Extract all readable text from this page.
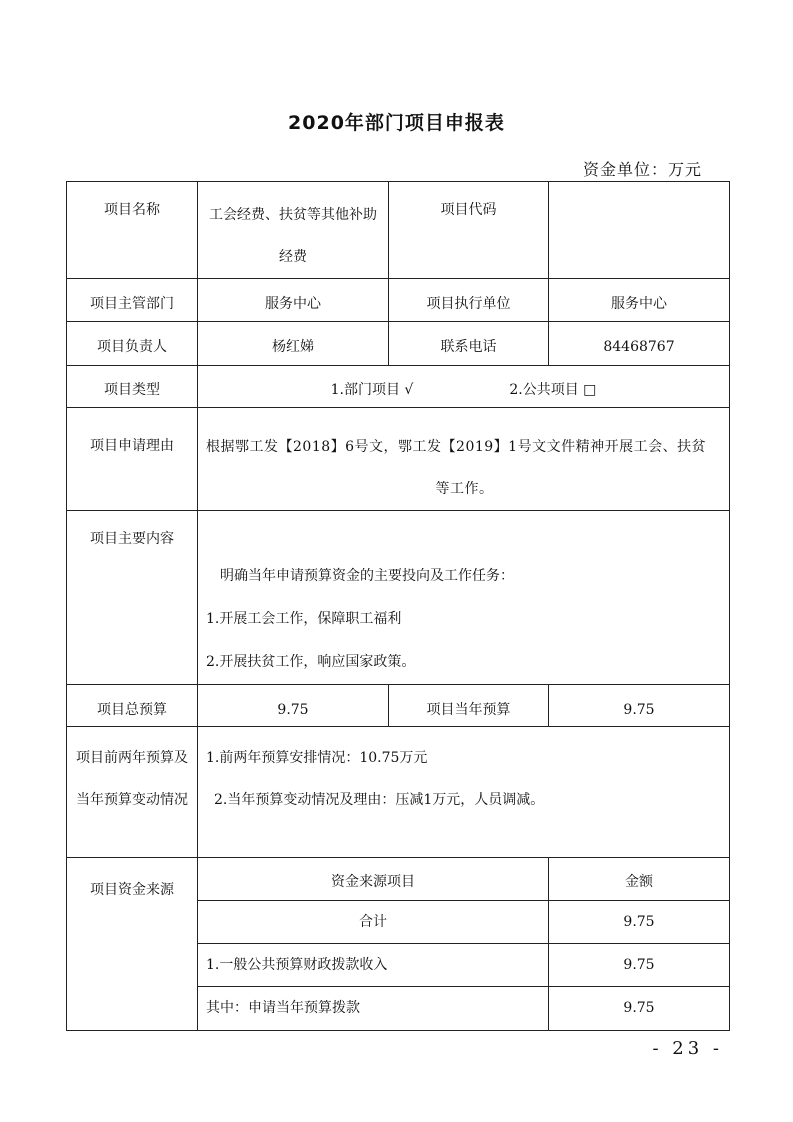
2020年部门项目申报表
资金单位：万元
项目名称	工会经费、扶贫等其他补助经费	项目代码	
项目主管部门	服务中心	项目执行单位	服务中心
项目负责人	杨红娣	联系电话	84468767
项目类型	1.部门项目 √ 2.公共项目 □		
项目申请理由	根据鄂工发【2018】6号文，鄂工发【2019】1号文文件精神开展工会、扶贫
等工作。		

项目主要内容	明确当年申请预算资金的主要投向及工作任务：

1.开展工会工作，保障职工福利

2.开展扶贫工作，响应国家政策。		

项目总预算	9.75	项目当年预算	9.75
项目前两年预算及当年预算变动情况	1.前两年预算安排情况：10.75万元

2.当年预算变动情况及理由：压减1万元，人员调减。		

项目资金来源	资金来源项目		金额
	合计		9.75
	1.一般公共预算财政拨款收入		9.75
	其中：申请当年预算拨款		9.75
- 23 -
